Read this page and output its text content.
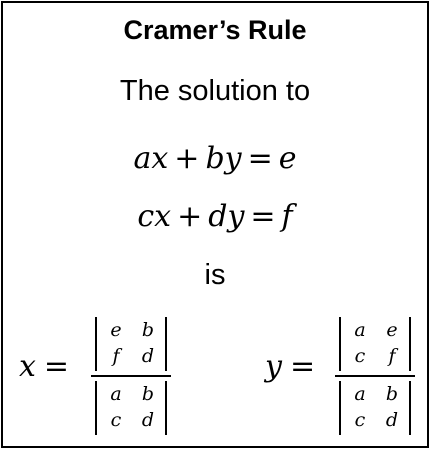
Cramer’s Rule
The solution to
ax + by = e
cx + dy = f
is
x =
e	b
f	d
a	b
c	d
y =
a	e
c	f
a	b
c	d
